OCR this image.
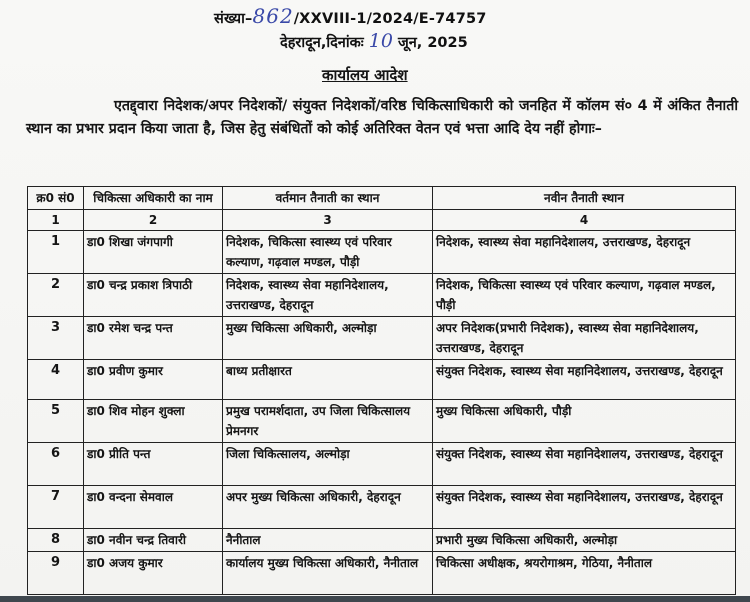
संख्या–862/XXVIII-1/2024/E-74757
देहरादून,दिनांकः 10 जून, 2025
कार्यालय आदेश
एतद्द्वारा निदेशक/अपर निदेशकों/ संयुक्त निदेशकों/वरिष्ठ चिकित्साधिकारी को जनहित में कॉलम सं० 4 में अंकित तैनाती स्थान का प्रभार प्रदान किया जाता है, जिस हेतु संबंधितों को कोई अतिरिक्त वेतन एवं भत्ता आदि देय नहीं होगाः–
क्र0 सं0	चिकित्सा अधिकारी का नाम	वर्तमान तैनाती का स्थान	नवीन तैनाती स्थान
1	2	3	4
1	डा0 शिखा जंगपागी	निदेशक, चिकित्सा स्वास्थ्य एवं परिवार कल्याण, गढ़वाल मण्डल, पौड़ी	निदेशक, स्वास्थ्य सेवा महानिदेशालय, उत्तराखण्ड, देहरादून
2	डा0 चन्द्र प्रकाश त्रिपाठी	निदेशक, स्वास्थ्य सेवा महानिदेशालय, उत्तराखण्ड, देहरादून	निदेशक, चिकित्सा स्वास्थ्य एवं परिवार कल्याण, गढ़वाल मण्डल, पौड़ी
3	डा0 रमेश चन्द्र पन्त	मुख्य चिकित्सा अधिकारी, अल्मोड़ा	अपर निदेशक(प्रभारी निदेशक), स्वास्थ्य सेवा महानिदेशालय, उत्तराखण्ड, देहरादून
4	डा0 प्रवीण कुमार	बाध्य प्रतीक्षारत	संयुक्त निदेशक, स्वास्थ्य सेवा महानिदेशालय, उत्तराखण्ड, देहरादून
5	डा0 शिव मोहन शुक्ला	प्रमुख परामर्शदाता, उप जिला चिकित्सालय प्रेमनगर	मुख्य चिकित्सा अधिकारी, पौड़ी
6	डा0 प्रीति पन्त	जिला चिकित्सालय, अल्मोड़ा	संयुक्त निदेशक, स्वास्थ्य सेवा महानिदेशालय, उत्तराखण्ड, देहरादून
7	डा0 वन्दना सेमवाल	अपर मुख्य चिकित्सा अधिकारी, देहरादून	संयुक्त निदेशक, स्वास्थ्य सेवा महानिदेशालय, उत्तराखण्ड, देहरादून
8	डा0 नवीन चन्द्र तिवारी	नैनीताल	प्रभारी मुख्य चिकित्सा अधिकारी, अल्मोड़ा
9	डा0 अजय कुमार	कार्यालय मुख्य चिकित्सा अधिकारी, नैनीताल	चिकित्सा अधीक्षक, श्रयरोगाश्रम, गेठिया, नैनीताल
